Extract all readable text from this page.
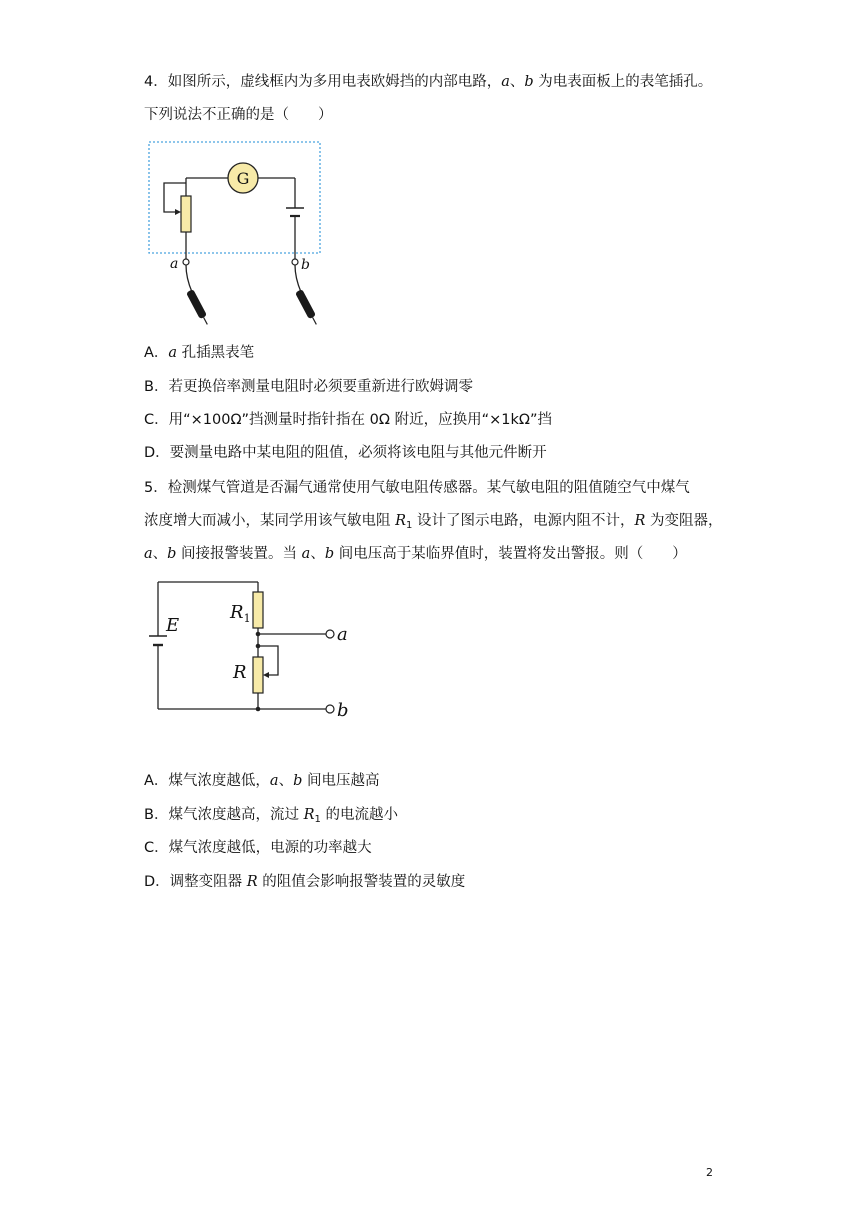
4．如图所示，虚线框内为多用电表欧姆挡的内部电路，a、b 为电表面板上的表笔插孔。
下列说法不正确的是（　　）
G
a	b
A．a 孔插黑表笔
B．若更换倍率测量电阻时必须要重新进行欧姆调零
C．用“×100Ω”挡测量时指针指在 0Ω 附近，应换用“×1kΩ”挡
D．要测量电路中某电阻的阻值，必须将该电阻与其他元件断开
5．检测煤气管道是否漏气通常使用气敏电阻传感器。某气敏电阻的阻值随空气中煤气
浓度增大而减小，某同学用该气敏电阻 $R_1$ 设计了图示电路，电源内阻不计，R 为变阻器，
a、b 间接报警装置。当 a、b 间电压高于某临界值时，装置将发出警报。则（　　）
E	a
b
$R_1$
R
A．煤气浓度越低，a、b 间电压越高
B．煤气浓度越高，流过 $R_1$ 的电流越小
C．煤气浓度越低，电源的功率越大
D．调整变阻器 R 的阻值会影响报警装置的灵敏度
2
